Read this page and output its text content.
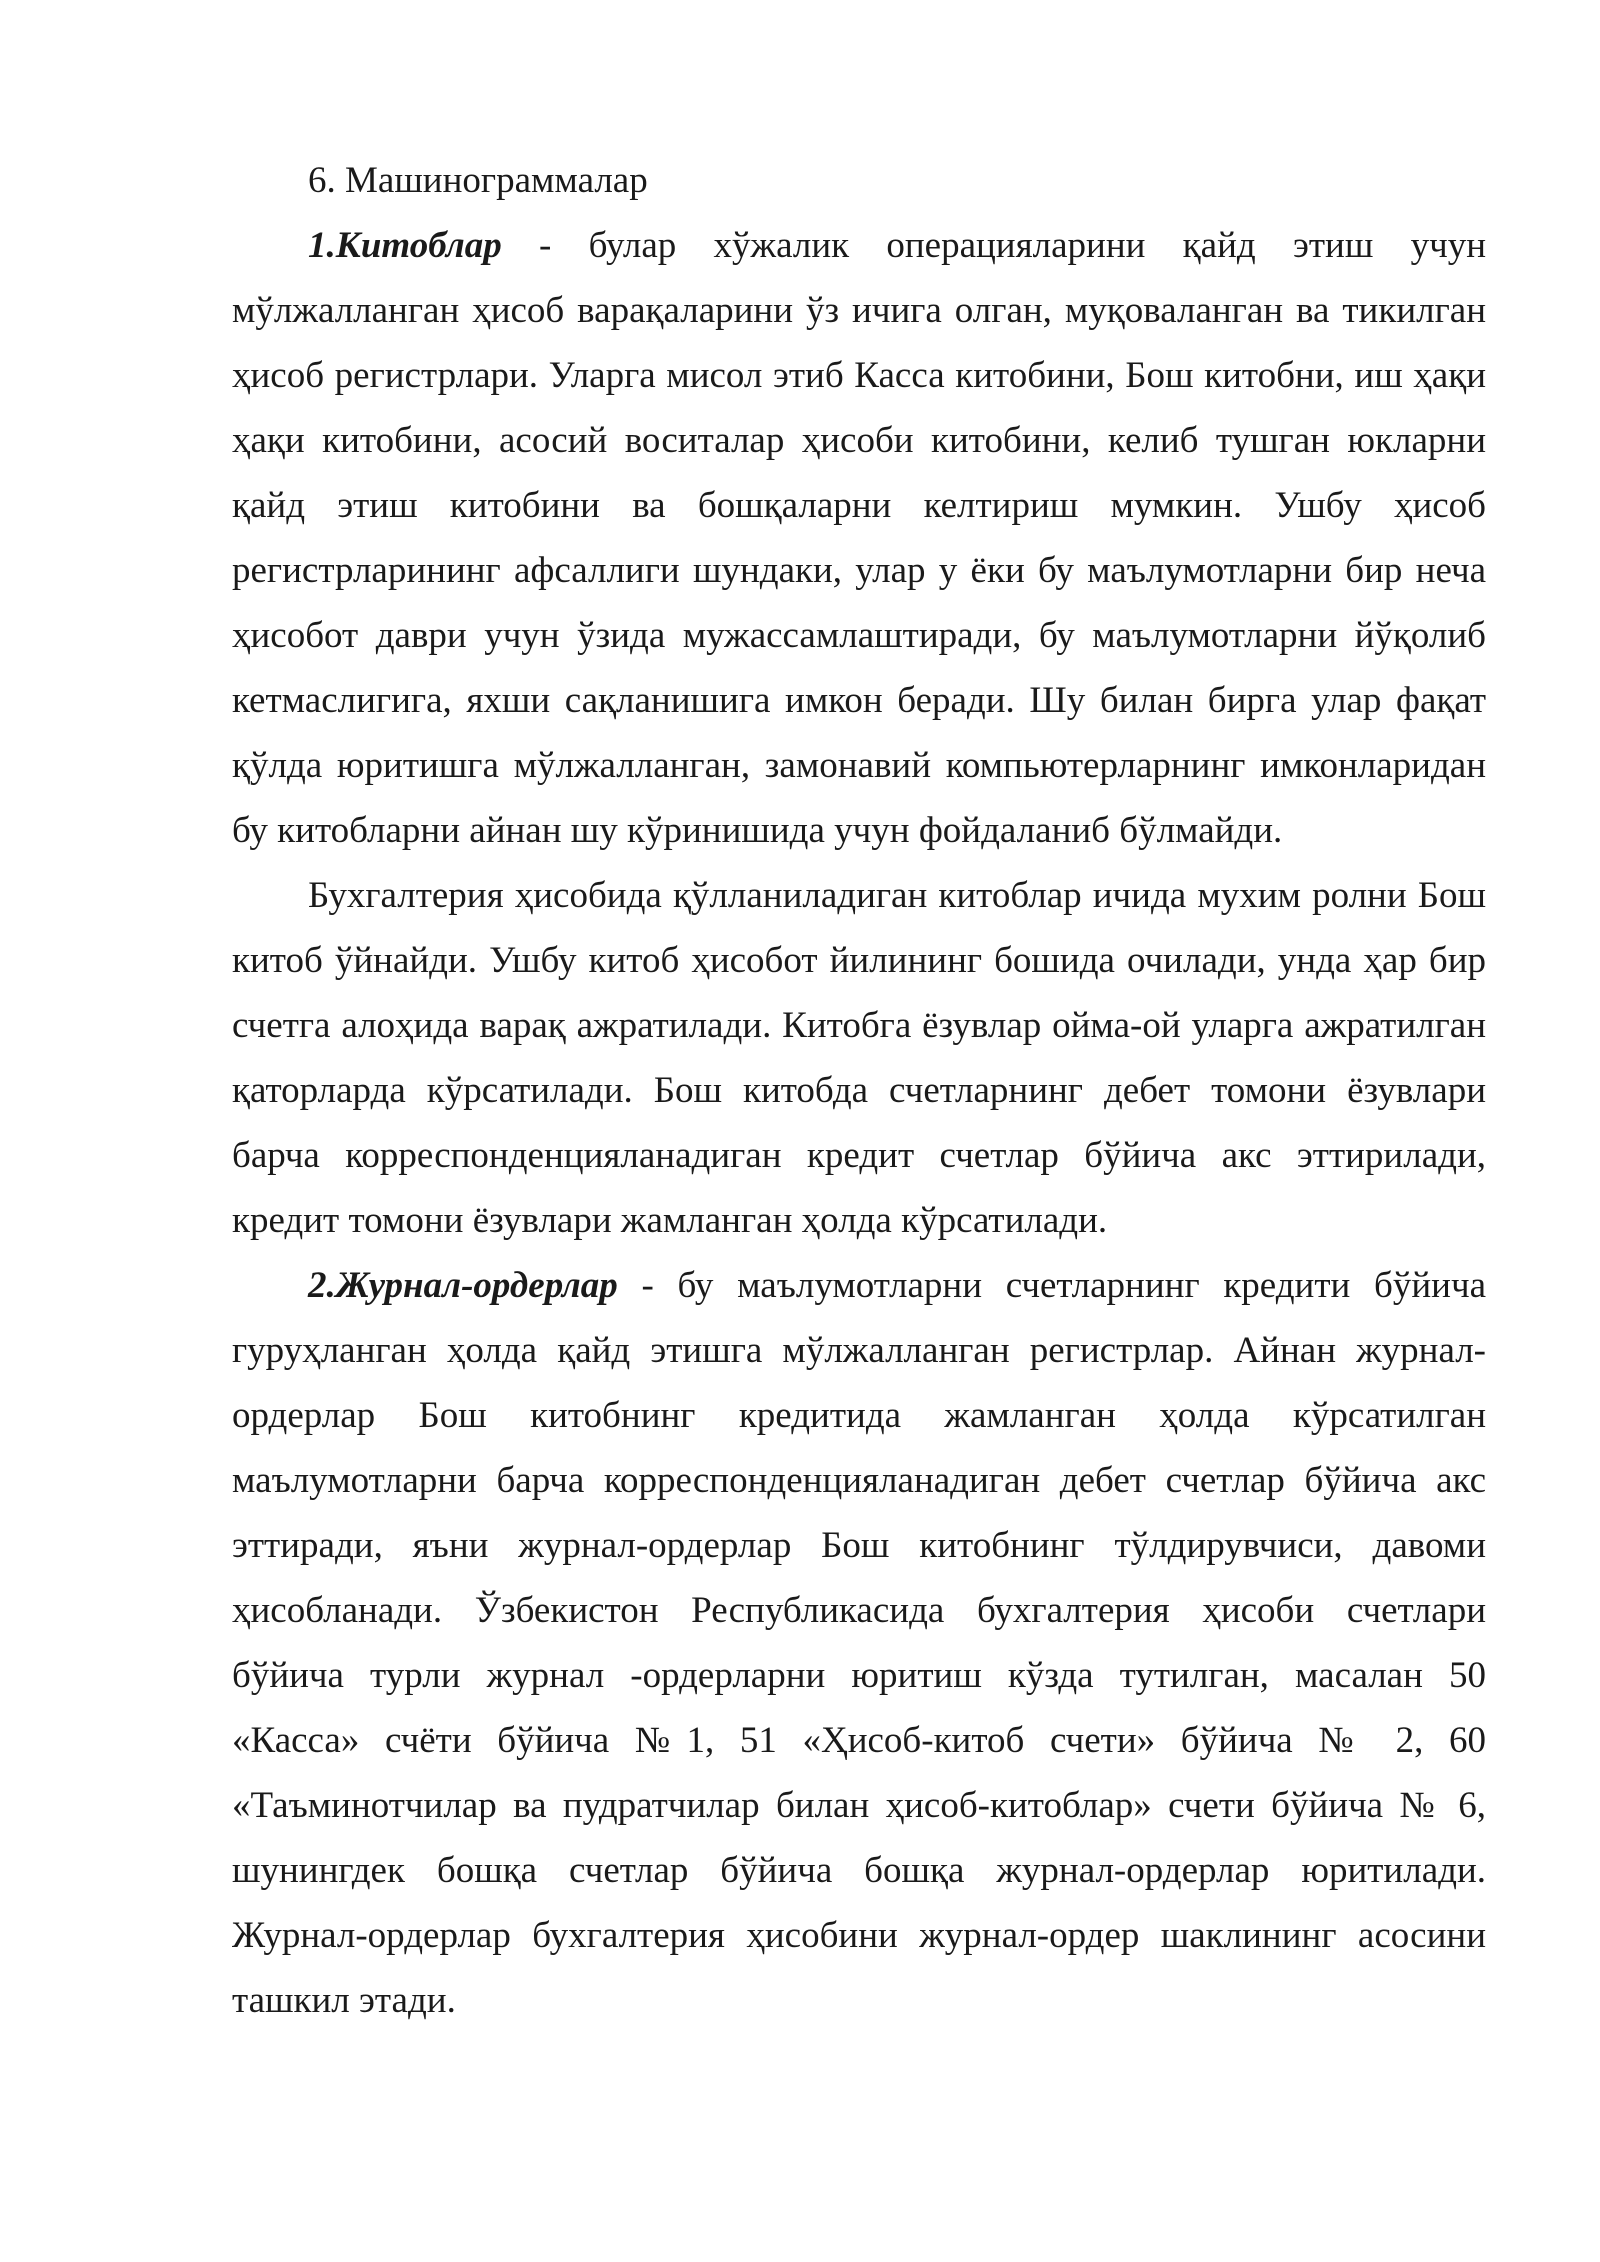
6. Машинограммалар

1.Китоблар - булар хўжалик операцияларини қайд этиш учун мўлжалланган ҳисоб варақаларини ўз ичига олган, муқоваланган ва тикилган ҳисоб регистрлари. Уларга мисол этиб Касса китобини, Бош китобни, иш ҳақи ҳақи китобини, асосий воситалар ҳисоби китобини, келиб тушган юкларни қайд этиш китобини ва бошқаларни келтириш мумкин. Ушбу ҳисоб регистрларининг афсаллиги шундаки, улар у ёки бу маълумотларни бир неча ҳисобот даври учун ўзида мужассамлаштиради, бу маълумотларни йўқолиб кетмаслигига, яхши сақланишига имкон беради. Шу билан бирга улар фақат қўлда юритишга мўлжалланган, замонавий компьютерларнинг имконларидан бу китобларни айнан шу кўринишида учун фойдаланиб бўлмайди.

Бухгалтерия ҳисобида қўлланиладиган китоблар ичида мухим ролни Бош китоб ўйнайди. Ушбу китоб ҳисобот йилининг бошида очилади, унда ҳар бир счетга алоҳида варақ ажратилади. Китобга ёзувлар ойма-ой уларга ажратилган қаторларда кўрсатилади. Бош китобда счетларнинг дебет томони ёзувлари барча корреспонденцияланадиган кредит счетлар бўйича акс эттирилади, кредит томони ёзувлари жамланган ҳолда кўрсатилади.

2.Журнал-ордерлар - бу маълумотларни счетларнинг кредити бўйича гуруҳланган ҳолда қайд этишга мўлжалланган регистрлар. Айнан журнал-ордерлар Бош китобнинг кредитида жамланган ҳолда кўрсатилган маълумотларни барча корреспонденцияланадиган дебет счетлар бўйича акс эттиради, яъни журнал-ордерлар Бош китобнинг тўлдирувчиси, давоми ҳисобланади. Ўзбекистон Республикасида бухгалтерия ҳисоби счетлари бўйича турли журнал -ордерларни юритиш кўзда тутилган, масалан 50 «Касса» счёти бўйича №1, 51 «Ҳисоб-китоб счети» бўйича № 2, 60 «Таъминотчилар ва пудратчилар билан ҳисоб-китоблар» счети бўйича № 6, шунингдек бошқа счетлар бўйича бошқа журнал-ордерлар юритилади. Журнал-ордерлар бухгалтерия ҳисобини журнал-ордер шаклининг асосини ташкил этади.
